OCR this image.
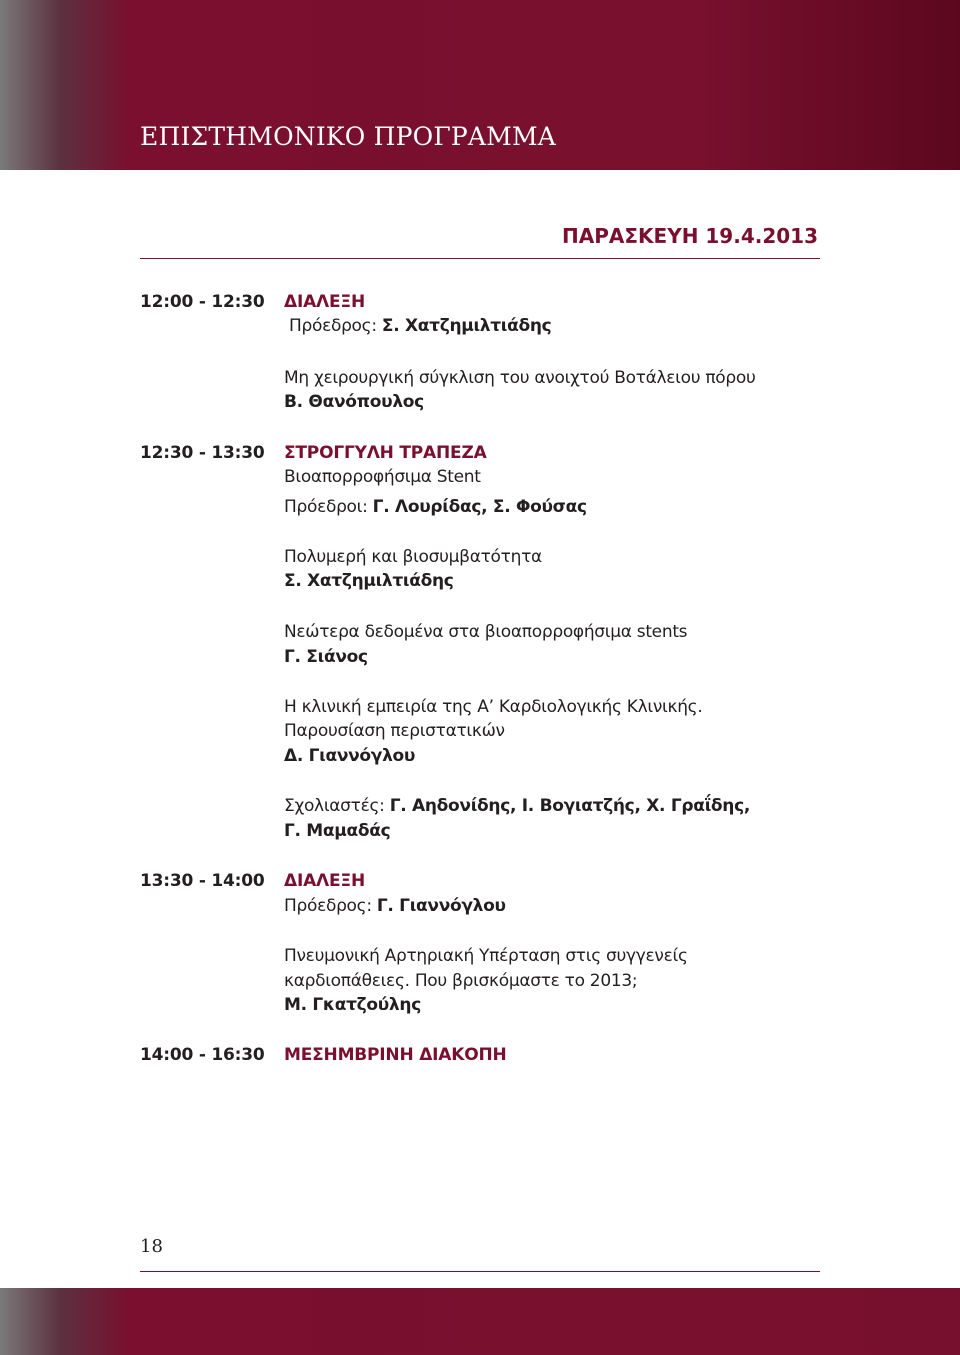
ΕΠΙΣΤΗΜΟΝΙΚΟ ΠΡΟΓΡΑΜΜΑ
ΠΑΡΑΣΚΕΥΗ 19.4.2013
12:00 - 12:30 ΔΙΑΛΕΞΗ
Πρόεδρος: Σ. Χατζημιλτιάδης
Μη χειρουργική σύγκλιση του ανοιχτού Βοτάλειου πόρου
Β. Θανόπουλος
12:30 - 13:30 ΣΤΡΟΓΓΥΛΗ ΤΡΑΠΕΖΑ
Βιοαπορροφήσιμα Stent
Πρόεδροι: Γ. Λουρίδας, Σ. Φούσας
Πολυμερή και βιοσυμβατότητα
Σ. Χατζημιλτιάδης
Νεώτερα δεδομένα στα βιοαπορροφήσιμα stents
Γ. Σιάνος
Η κλινική εμπειρία της Α’ Καρδιολογικής Κλινικής.
Παρουσίαση περιστατικών
Δ. Γιαννόγλου
Σχολιαστές: Γ. Αηδονίδης, Ι. Βογιατζής, Χ. Γραΐδης,
Γ. Μαμαδάς
13:30 - 14:00 ΔΙΑΛΕΞΗ
Πρόεδρος: Γ. Γιαννόγλου
Πνευμονική Αρτηριακή Υπέρταση στις συγγενείς
καρδιοπάθειες. Που βρισκόμαστε το 2013;
Μ. Γκατζούλης
14:00 - 16:30 ΜΕΣΗΜΒΡΙΝΗ ΔΙΑΚΟΠΗ
18
